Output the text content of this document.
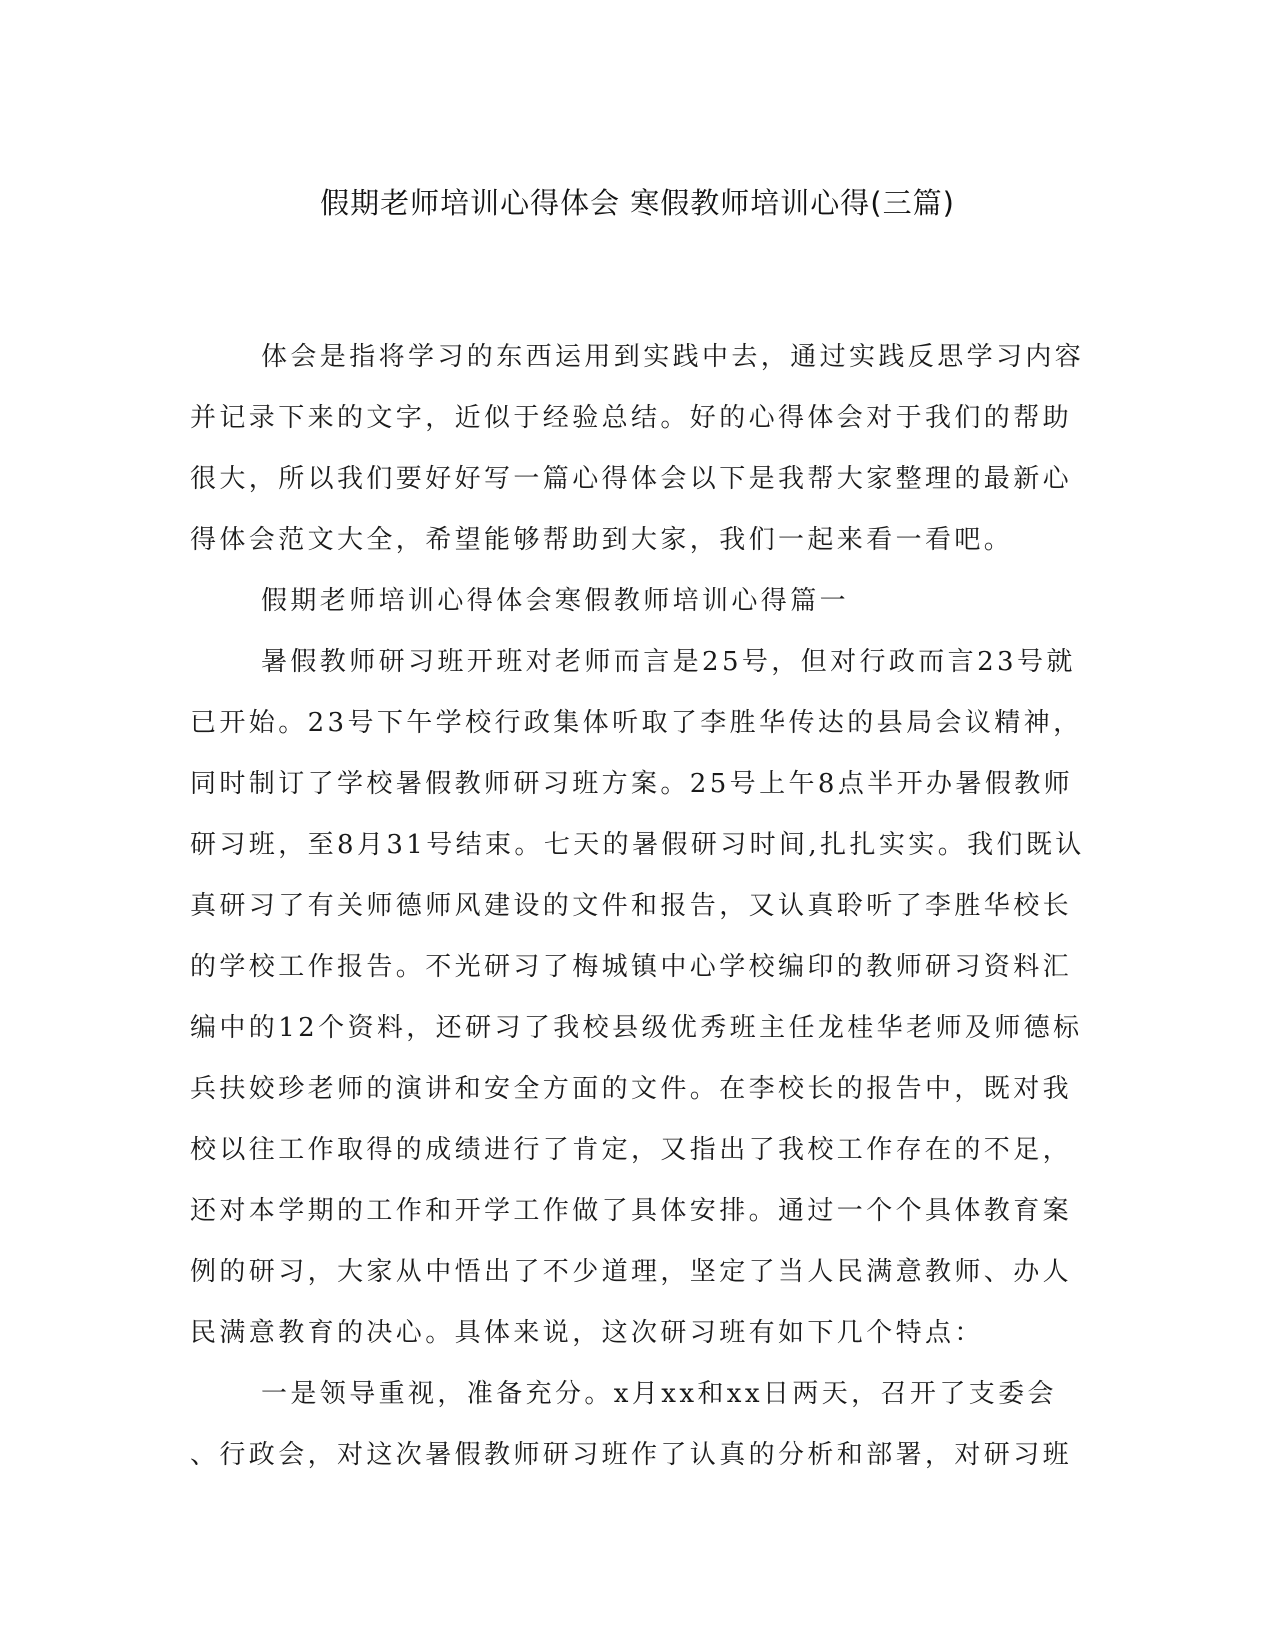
假期老师培训心得体会 寒假教师培训心得(三篇)
体会是指将学习的东西运用到实践中去，通过实践反思学习内容
并记录下来的文字，近似于经验总结。好的心得体会对于我们的帮助
很大，所以我们要好好写一篇心得体会以下是我帮大家整理的最新心
得体会范文大全，希望能够帮助到大家，我们一起来看一看吧。
假期老师培训心得体会寒假教师培训心得篇一
暑假教师研习班开班对老师而言是25号，但对行政而言23号就
已开始。23号下午学校行政集体听取了李胜华传达的县局会议精神，
同时制订了学校暑假教师研习班方案。25号上午8点半开办暑假教师
研习班，至8月31号结束。七天的暑假研习时间,扎扎实实。我们既认
真研习了有关师德师风建设的文件和报告，又认真聆听了李胜华校长
的学校工作报告。不光研习了梅城镇中心学校编印的教师研习资料汇
编中的12个资料，还研习了我校县级优秀班主任龙桂华老师及师德标
兵扶姣珍老师的演讲和安全方面的文件。在李校长的报告中，既对我
校以往工作取得的成绩进行了肯定，又指出了我校工作存在的不足，
还对本学期的工作和开学工作做了具体安排。通过一个个具体教育案
例的研习，大家从中悟出了不少道理，坚定了当人民满意教师、办人
民满意教育的决心。具体来说，这次研习班有如下几个特点：
一是领导重视，准备充分。x月xx和xx日两天，召开了支委会
、行政会，对这次暑假教师研习班作了认真的分析和部署，对研习班
